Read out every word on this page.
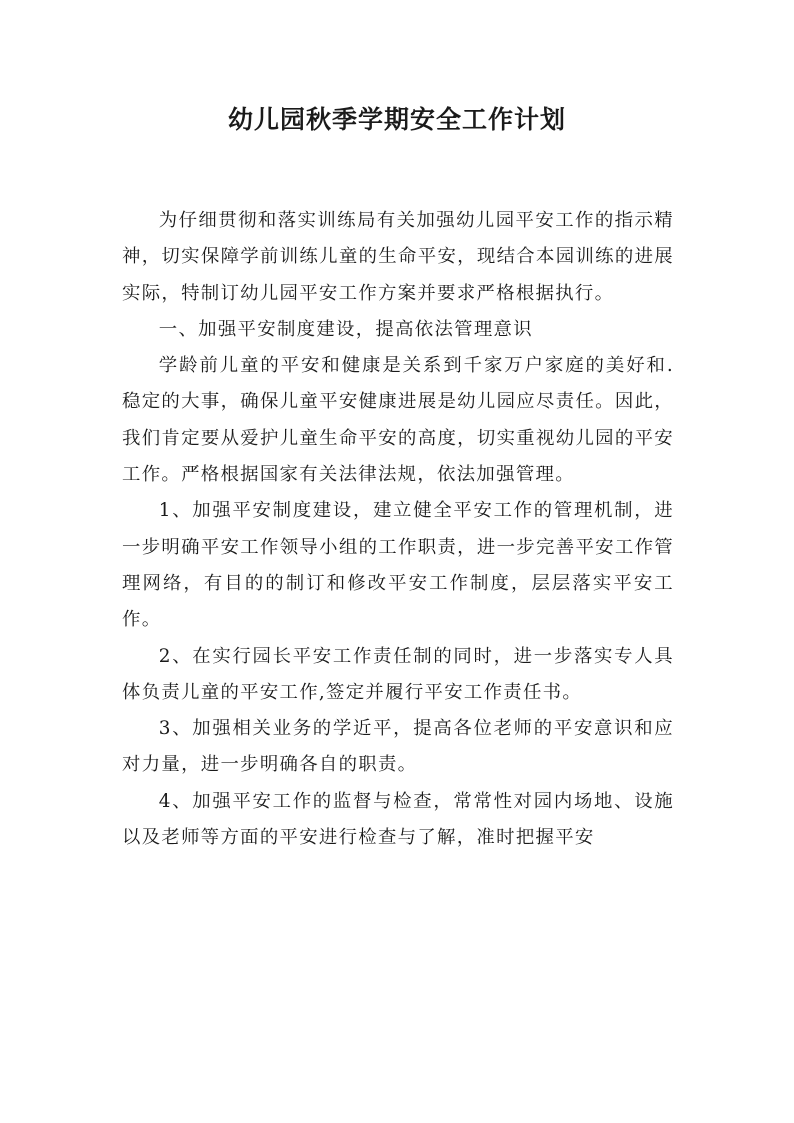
幼儿园秋季学期安全工作计划

为仔细贯彻和落实训练局有关加强幼儿园平安工作的指示精神，切实保障学前训练儿童的生命平安，现结合本园训练的进展实际，特制订幼儿园平安工作方案并要求严格根据执行。

一、加强平安制度建设，提高依法管理意识

学龄前儿童的平安和健康是关系到千家万户家庭的美好和.稳定的大事，确保儿童平安健康进展是幼儿园应尽责任。因此，我们肯定要从爱护儿童生命平安的高度，切实重视幼儿园的平安工作。严格根据国家有关法律法规，依法加强管理。

1、加强平安制度建设，建立健全平安工作的管理机制，进一步明确平安工作领导小组的工作职责，进一步完善平安工作管理网络，有目的的制订和修改平安工作制度，层层落实平安工作。

2、在实行园长平安工作责任制的同时，进一步落实专人具体负责儿童的平安工作,签定并履行平安工作责任书。

3、加强相关业务的学近平，提高各位老师的平安意识和应对力量，进一步明确各自的职责。

4、加强平安工作的监督与检查，常常性对园内场地、设施以及老师等方面的平安进行检查与了解，准时把握平安
